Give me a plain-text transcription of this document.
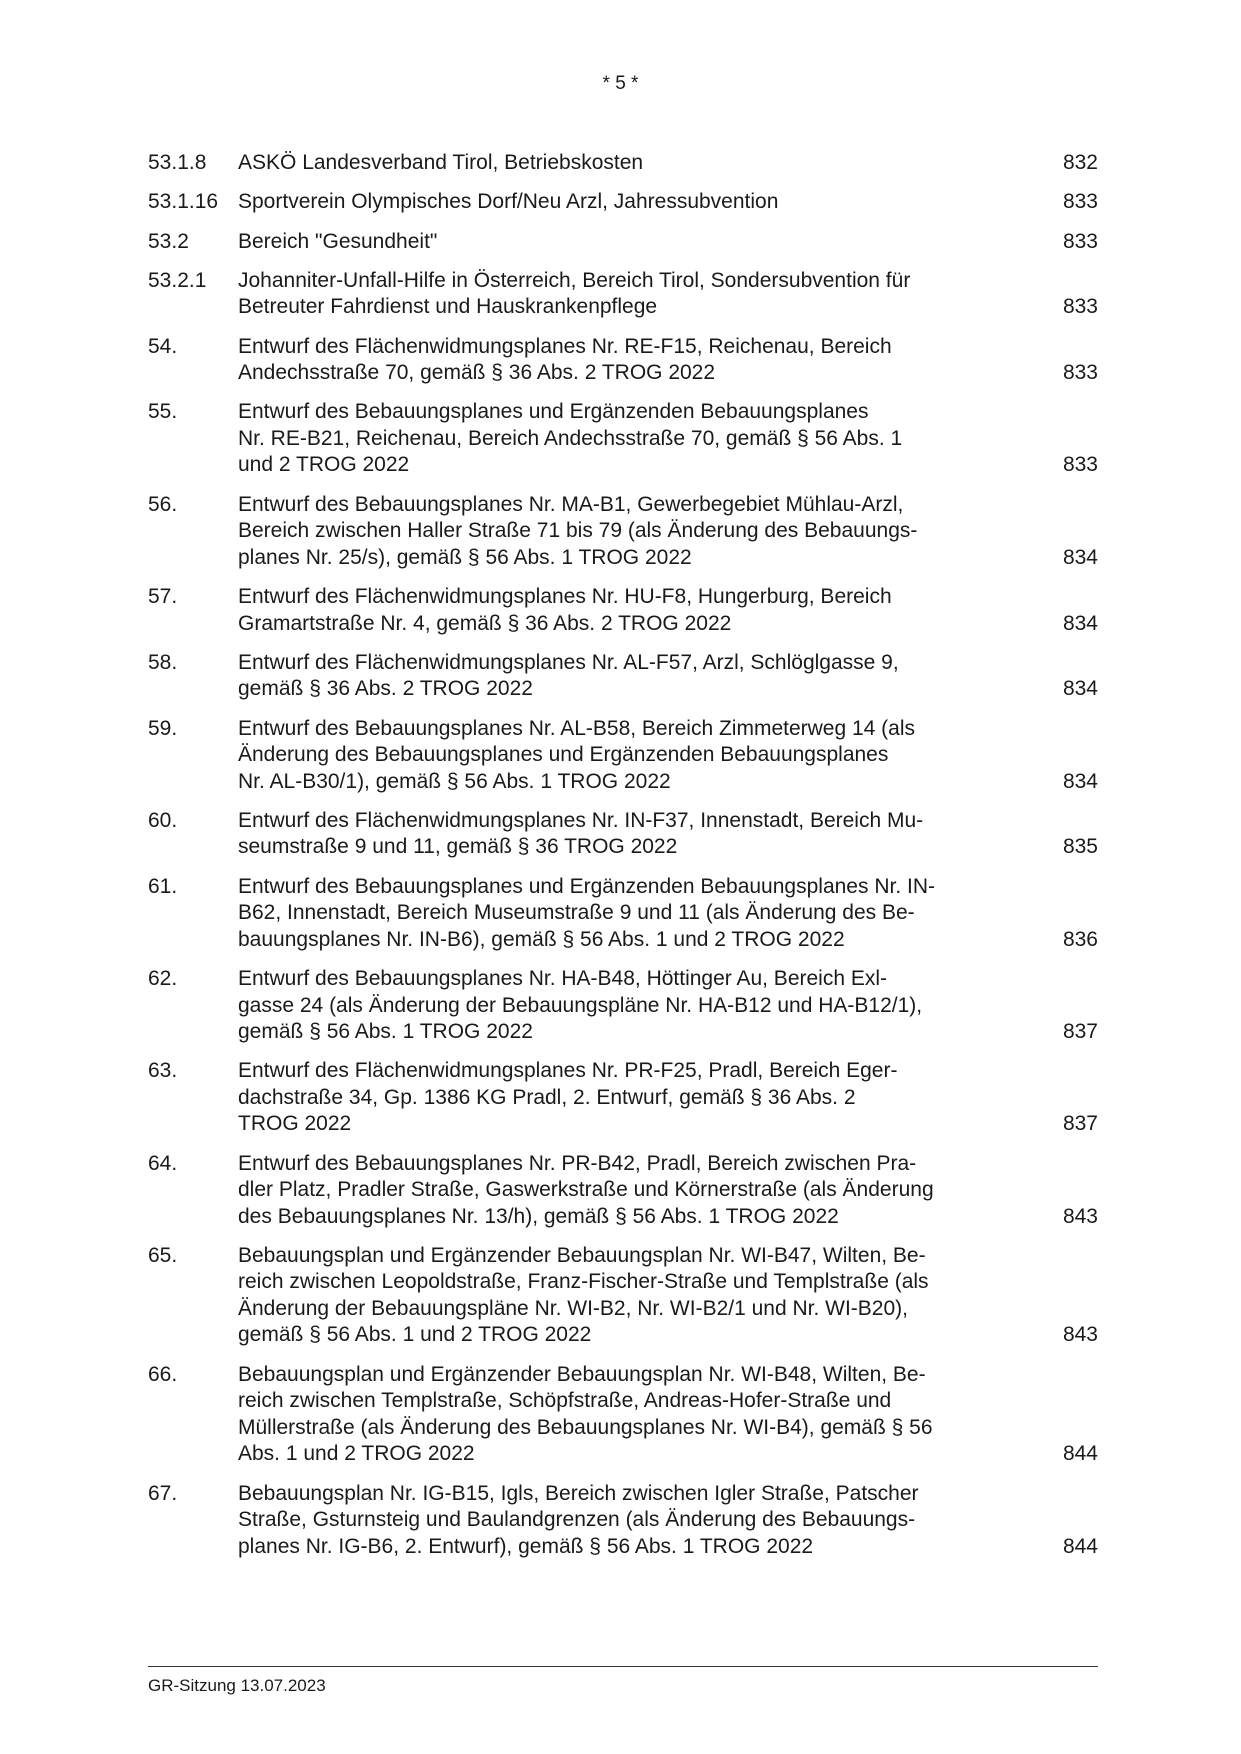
* 5 *
53.1.8	ASKÖ Landesverband Tirol, Betriebskosten	832
53.1.16 Sportverein Olympisches Dorf/Neu Arzl, Jahressubvention	833
53.2	Bereich "Gesundheit"	833
53.2.1	Johanniter-Unfall-Hilfe in Österreich, Bereich Tirol, Sondersubvention für
Betreuter Fahrdienst und Hauskrankenpflege	833
54.	Entwurf des Flächenwidmungsplanes Nr. RE-F15, Reichenau, Bereich
Andechsstraße 70, gemäß § 36 Abs. 2 TROG 2022	833
55.	Entwurf des Bebauungsplanes und Ergänzenden Bebauungsplanes
Nr. RE-B21, Reichenau, Bereich Andechsstraße 70, gemäß § 56 Abs. 1
und 2 TROG 2022	833
56.	Entwurf des Bebauungsplanes Nr. MA-B1, Gewerbegebiet Mühlau-Arzl,
Bereich zwischen Haller Straße 71 bis 79 (als Änderung des Bebauungs-
planes Nr. 25/s), gemäß § 56 Abs. 1 TROG 2022	834
57.	Entwurf des Flächenwidmungsplanes Nr. HU-F8, Hungerburg, Bereich
Gramartstraße Nr. 4, gemäß § 36 Abs. 2 TROG 2022	834
58.	Entwurf des Flächenwidmungsplanes Nr. AL-F57, Arzl, Schlöglgasse 9,
gemäß § 36 Abs. 2 TROG 2022	834
59.	Entwurf des Bebauungsplanes Nr. AL-B58, Bereich Zimmeterweg 14 (als
Änderung des Bebauungsplanes und Ergänzenden Bebauungsplanes
Nr. AL-B30/1), gemäß § 56 Abs. 1 TROG 2022	834
60.	Entwurf des Flächenwidmungsplanes Nr. IN-F37, Innenstadt, Bereich Mu-
seumstraße 9 und 11, gemäß § 36 TROG 2022	835
61.	Entwurf des Bebauungsplanes und Ergänzenden Bebauungsplanes Nr. IN-
B62, Innenstadt, Bereich Museumstraße 9 und 11 (als Änderung des Be-
bauungsplanes Nr. IN-B6), gemäß § 56 Abs. 1 und 2 TROG 2022	836
62.	Entwurf des Bebauungsplanes Nr. HA-B48, Höttinger Au, Bereich Exl-
gasse 24 (als Änderung der Bebauungspläne Nr. HA-B12 und HA-B12/1),
gemäß § 56 Abs. 1 TROG 2022	837
63.	Entwurf des Flächenwidmungsplanes Nr. PR-F25, Pradl, Bereich Eger-
dachstraße 34, Gp. 1386 KG Pradl, 2. Entwurf, gemäß § 36 Abs. 2
TROG 2022	837
64.	Entwurf des Bebauungsplanes Nr. PR-B42, Pradl, Bereich zwischen Pra-
dler Platz, Pradler Straße, Gaswerkstraße und Körnerstraße (als Änderung
des Bebauungsplanes Nr. 13/h), gemäß § 56 Abs. 1 TROG 2022	843
65.	Bebauungsplan und Ergänzender Bebauungsplan Nr. WI-B47, Wilten, Be-
reich zwischen Leopoldstraße, Franz-Fischer-Straße und Templstraße (als
Änderung der Bebauungspläne Nr. WI-B2, Nr. WI-B2/1 und Nr. WI-B20),
gemäß § 56 Abs. 1 und 2 TROG 2022	843
66.	Bebauungsplan und Ergänzender Bebauungsplan Nr. WI-B48, Wilten, Be-
reich zwischen Templstraße, Schöpfstraße, Andreas-Hofer-Straße und
Müllerstraße (als Änderung des Bebauungsplanes Nr. WI-B4), gemäß § 56
Abs. 1 und 2 TROG 2022	844
67.	Bebauungsplan Nr. IG-B15, Igls, Bereich zwischen Igler Straße, Patscher
Straße, Gsturnsteig und Baulandgrenzen (als Änderung des Bebauungs-
planes Nr. IG-B6, 2. Entwurf), gemäß § 56 Abs. 1 TROG 2022	844
GR-Sitzung 13.07.2023
